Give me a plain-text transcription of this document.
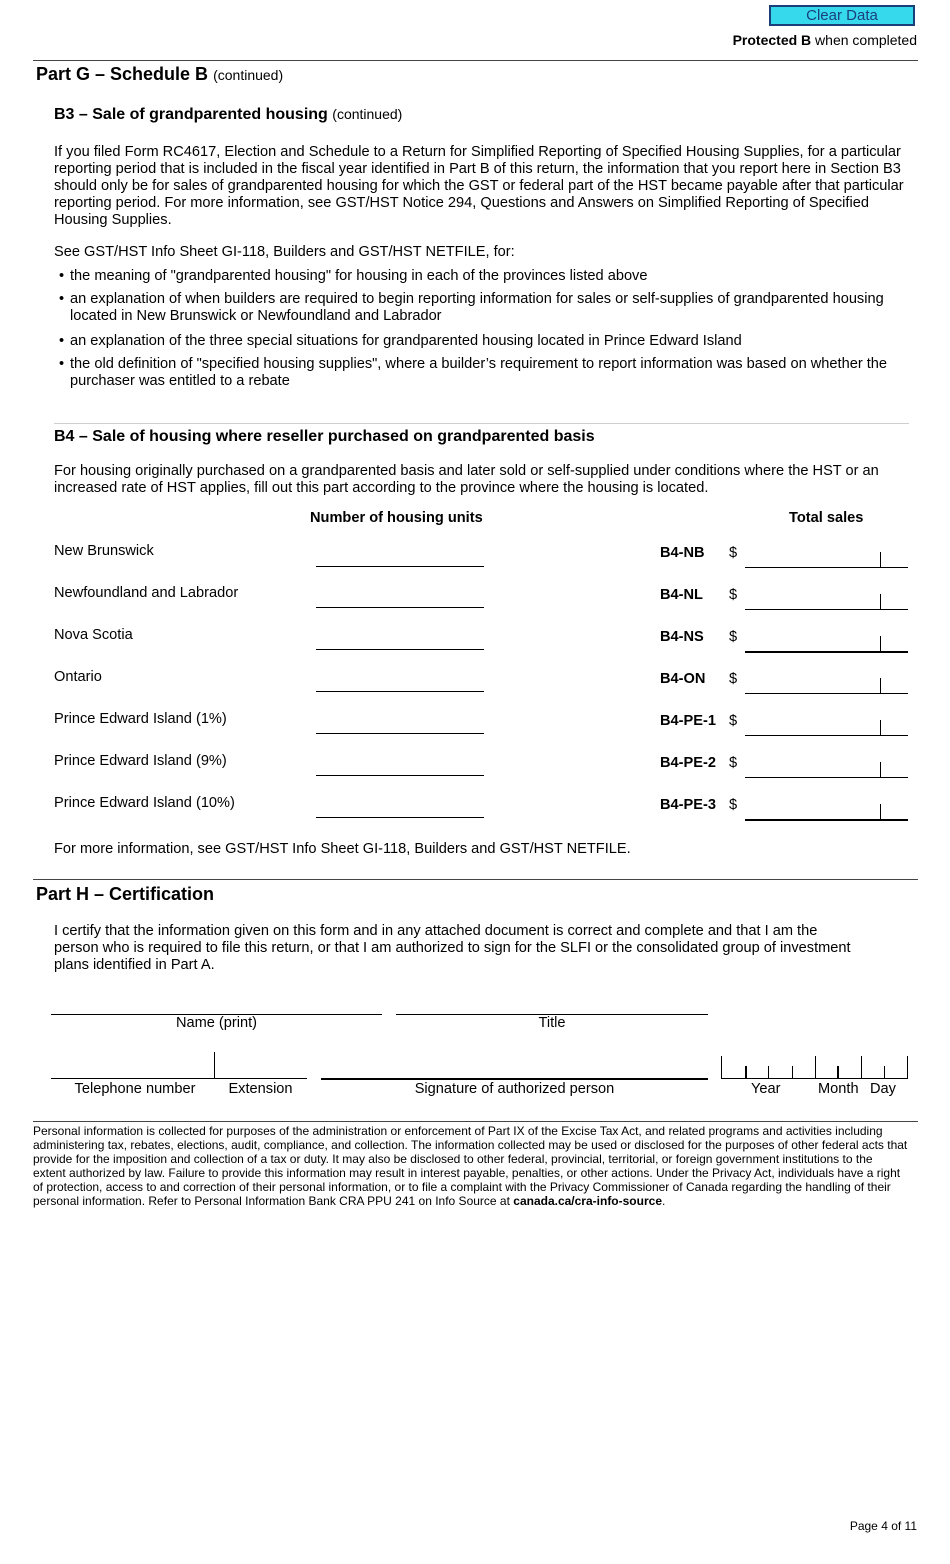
Clear Data
Protected B when completed
Part G – Schedule B (continued)
B3 – Sale of grandparented housing (continued)
If you filed Form RC4617, Election and Schedule to a Return for Simplified Reporting of Specified Housing Supplies, for a particular reporting period that is included in the fiscal year identified in Part B of this return, the information that you report here in Section B3 should only be for sales of grandparented housing for which the GST or federal part of the HST became payable after that particular reporting period. For more information, see GST/HST Notice 294, Questions and Answers on Simplified Reporting of Specified Housing Supplies.
See GST/HST Info Sheet GI-118, Builders and GST/HST NETFILE, for:
• the meaning of "grandparented housing" for housing in each of the provinces listed above
• an explanation of when builders are required to begin reporting information for sales or self-supplies of grandparented housing located in New Brunswick or Newfoundland and Labrador
• an explanation of the three special situations for grandparented housing located in Prince Edward Island
• the old definition of "specified housing supplies", where a builder’s requirement to report information was based on whether the purchaser was entitled to a rebate
B4 – Sale of housing where reseller purchased on grandparented basis
For housing originally purchased on a grandparented basis and later sold or self-supplied under conditions where the HST or an increased rate of HST applies, fill out this part according to the province where the housing is located.
Number of housing units	Total sales
New Brunswick	B4-NB $
Newfoundland and Labrador	B4-NL $
Nova Scotia	B4-NS $
Ontario	B4-ON $
Prince Edward Island (1%)	B4-PE-1 $
Prince Edward Island (9%)	B4-PE-2 $
Prince Edward Island (10%)	B4-PE-3 $
For more information, see GST/HST Info Sheet GI-118, Builders and GST/HST NETFILE.
Part H – Certification
I certify that the information given on this form and in any attached document is correct and complete and that I am the person who is required to file this return, or that I am authorized to sign for the SLFI or the consolidated group of investment plans identified in Part A.
Name (print)	Title
Telephone number	Extension	Signature of authorized person	Year	Month Day
Personal information is collected for purposes of the administration or enforcement of Part IX of the Excise Tax Act, and related programs and activities including administering tax, rebates, elections, audit, compliance, and collection. The information collected may be used or disclosed for the purposes of other federal acts that provide for the imposition and collection of a tax or duty. It may also be disclosed to other federal, provincial, territorial, or foreign government institutions to the extent authorized by law. Failure to provide this information may result in interest payable, penalties, or other actions. Under the Privacy Act, individuals have a right of protection, access to and correction of their personal information, or to file a complaint with the Privacy Commissioner of Canada regarding the handling of their personal information. Refer to Personal Information Bank CRA PPU 241 on Info Source at canada.ca/cra-info-source.
Page 4 of 11
